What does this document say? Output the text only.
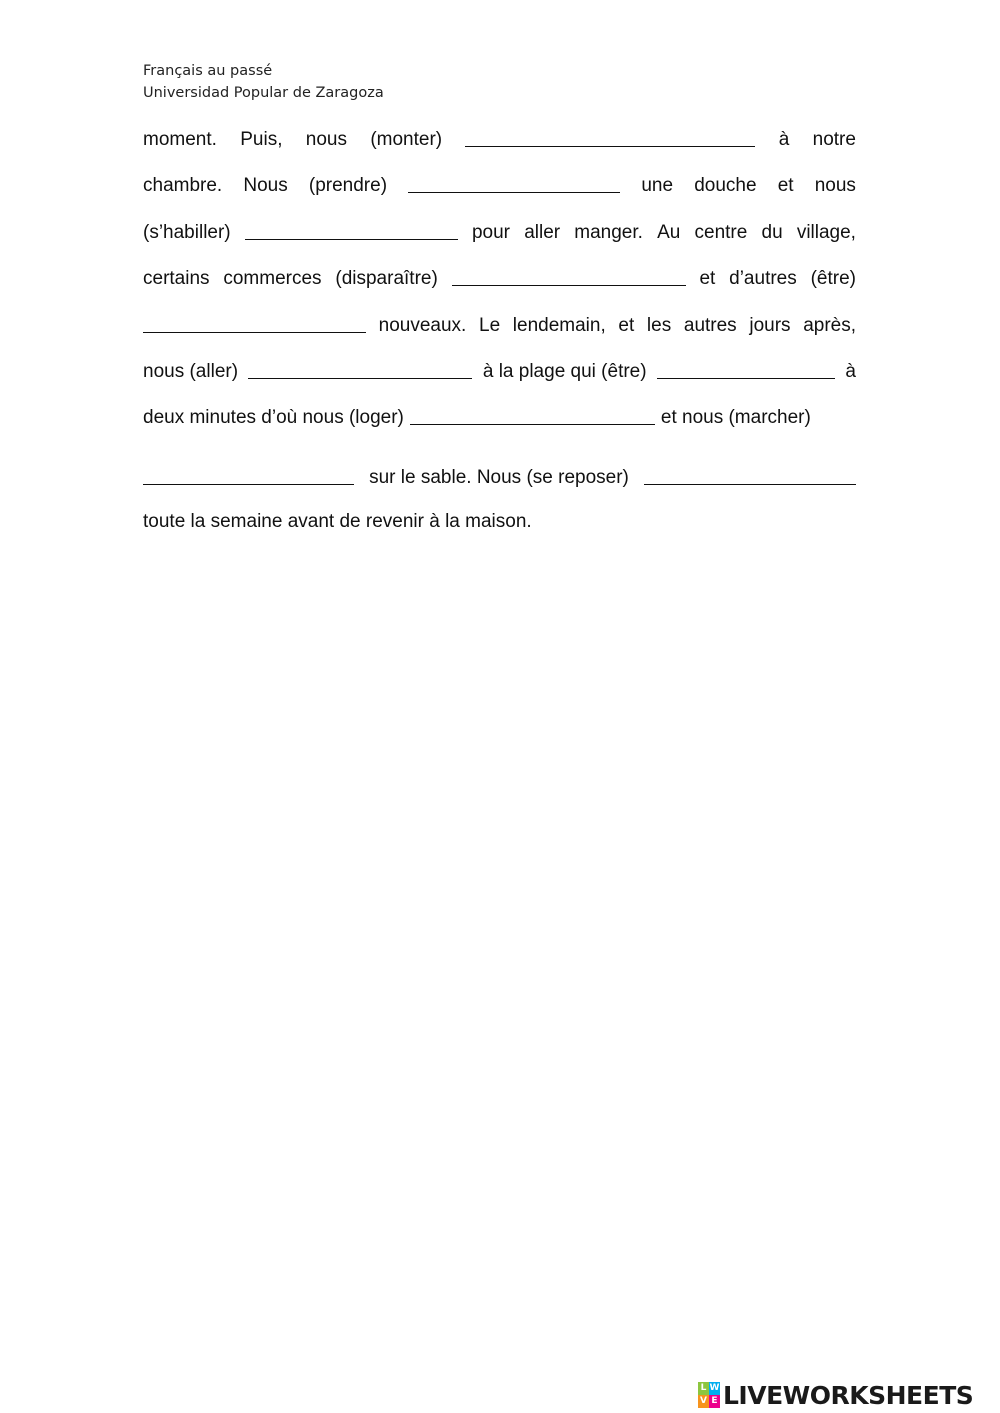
Français au passé
Universidad Popular de Zaragoza
moment. Puis, nous (monter)	à notre
chambre. Nous (prendre)	une douche et nous
(s’habiller)	pour aller manger. Au centre du village,
certains commerces (disparaître)	et d’autres (être)
nouveaux. Le lendemain, et les autres jours après,
nous (aller)	à la plage qui (être)	à
deux minutes d’où nous (loger)	et nous (marcher)
sur le sable. Nous (se reposer)
toute la semaine avant de revenir à la maison.
L W
V E LIVEWORKSHEETS
